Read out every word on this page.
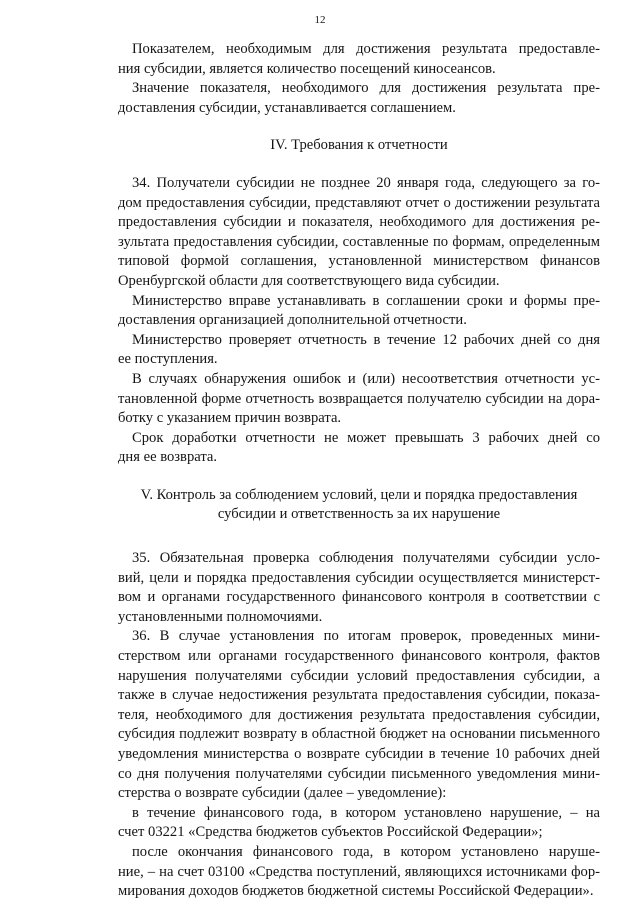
12
Показателем, необходимым для достижения результата предоставле-
ния субсидии, является количество посещений киносеансов.
Значение показателя, необходимого для достижения результата пре-
доставления субсидии, устанавливается соглашением.
IV. Требования к отчетности
34. Получатели субсидии не позднее 20 января года, следующего за го-
дом предоставления субсидии, представляют отчет о достижении результата
предоставления субсидии и показателя, необходимого для достижения ре-
зультата предоставления субсидии, составленные по формам, определенным
типовой формой соглашения, установленной министерством финансов
Оренбургской области для соответствующего вида субсидии.
Министерство вправе устанавливать в соглашении сроки и формы пре-
доставления организацией дополнительной отчетности.
Министерство проверяет отчетность в течение 12 рабочих дней со дня
ее поступления.
В случаях обнаружения ошибок и (или) несоответствия отчетности ус-
тановленной форме отчетность возвращается получателю субсидии на дора-
ботку с указанием причин возврата.
Срок доработки отчетности не может превышать 3 рабочих дней со
дня ее возврата.
V. Контроль за соблюдением условий, цели и порядка предоставления
субсидии и ответственность за их нарушение
35. Обязательная проверка соблюдения получателями субсидии усло-
вий, цели и порядка предоставления субсидии осуществляется министерст-
вом и органами государственного финансового контроля в соответствии с
установленными полномочиями.
36. В случае установления по итогам проверок, проведенных мини-
стерством или органами государственного финансового контроля, фактов
нарушения получателями субсидии условий предоставления субсидии, а
также в случае недостижения результата предоставления субсидии, показа-
теля, необходимого для достижения результата предоставления субсидии,
субсидия подлежит возврату в областной бюджет на основании письменного
уведомления министерства о возврате субсидии в течение 10 рабочих дней
со дня получения получателями субсидии письменного уведомления мини-
стерства о возврате субсидии (далее – уведомление):
в течение финансового года, в котором установлено нарушение, – на
счет 03221 «Средства бюджетов субъектов Российской Федерации»;
после окончания финансового года, в котором установлено наруше-
ние, – на счет 03100 «Средства поступлений, являющихся источниками фор-
мирования доходов бюджетов бюджетной системы Российской Федерации».
